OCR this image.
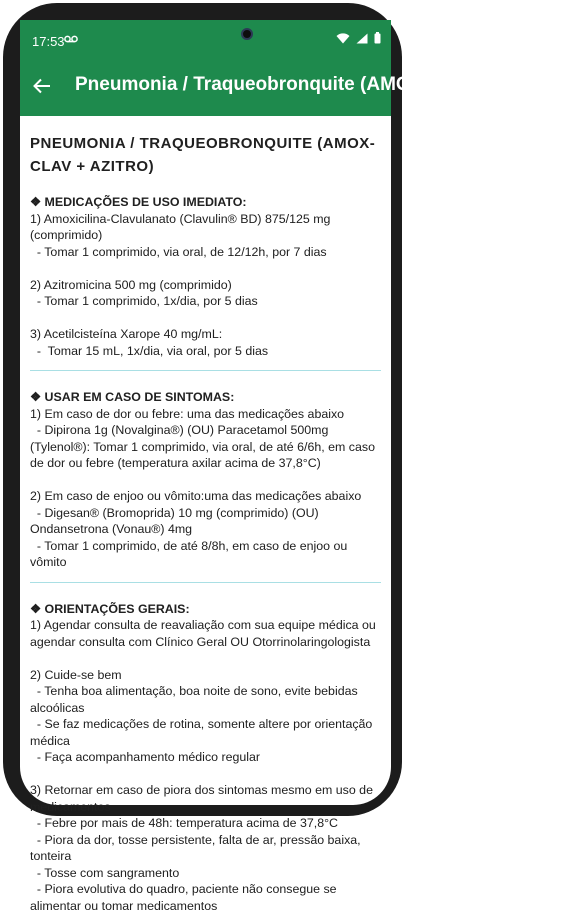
17:53
Pneumonia / Traqueobronquite (AMOX-CLAV + AZITRO)
PNEUMONIA / TRAQUEOBRONQUITE (AMOX-CLAV + AZITRO)
❖ MEDICAÇÕES DE USO IMEDIATO:
1) Amoxicilina-Clavulanato (Clavulin® BD) 875/125 mg (comprimido)
- Tomar 1 comprimido, via oral, de 12/12h, por 7 dias
2) Azitromicina 500 mg (comprimido)
- Tomar 1 comprimido, 1x/dia, por 5 dias
3) Acetilcisteína Xarope 40 mg/mL:
-  Tomar 15 mL, 1x/dia, via oral, por 5 dias
❖ USAR EM CASO DE SINTOMAS:
1) Em caso de dor ou febre: uma das medicações abaixo
- Dipirona 1g (Novalgina®) (OU) Paracetamol 500mg (Tylenol®): Tomar 1 comprimido, via oral, de até 6/6h, em caso de dor ou febre (temperatura axilar acima de 37,8°C)
2) Em caso de enjoo ou vômito:uma das medicações abaixo
- Digesan® (Bromoprida) 10 mg (comprimido) (OU) Ondansetrona (Vonau®) 4mg
- Tomar 1 comprimido, de até 8/8h, em caso de enjoo ou vômito
❖ ORIENTAÇÕES GERAIS:
1) Agendar consulta de reavaliação com sua equipe médica ou agendar consulta com Clínico Geral OU Otorrinolaringologista
2) Cuide-se bem
- Tenha boa alimentação, boa noite de sono, evite bebidas alcoólicas
- Se faz medicações de rotina, somente altere por orientação médica
- Faça acompanhamento médico regular
3) Retornar em caso de piora dos sintomas mesmo em uso de medicamentos
- Febre por mais de 48h: temperatura acima de 37,8°C
- Piora da dor, tosse persistente, falta de ar, pressão baixa, tonteira
- Tosse com sangramento
- Piora evolutiva do quadro, paciente não consegue se alimentar ou tomar medicamentos
